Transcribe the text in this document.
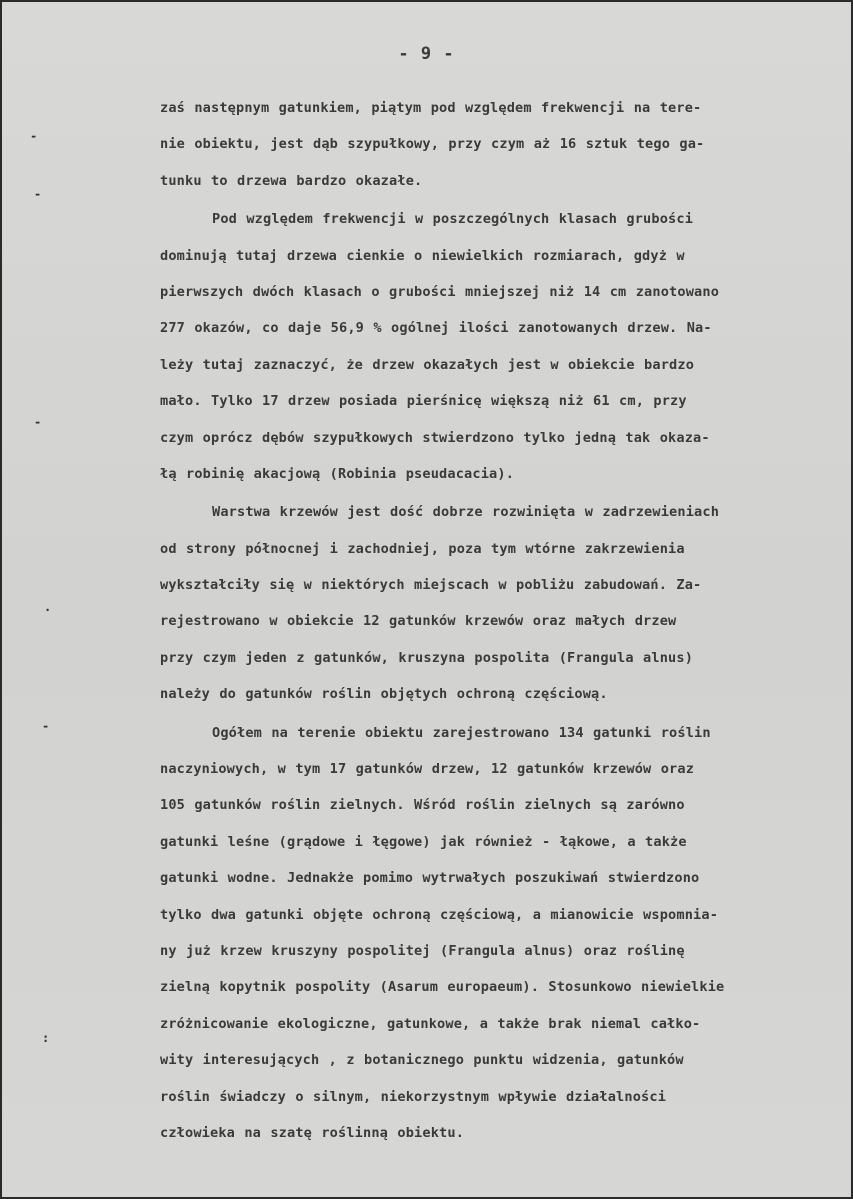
- 9 -
-
-
-
·
-
:
zaś następnym gatunkiem, piątym pod względem frekwencji na tere-
nie obiektu, jest dąb szypułkowy, przy czym aż 16 sztuk tego ga-
tunku to drzewa bardzo okazałe.
Pod względem frekwencji w poszczególnych klasach grubości
dominują tutaj drzewa cienkie o niewielkich rozmiarach, gdyż w
pierwszych dwóch klasach o grubości mniejszej niż 14 cm zanotowano
277 okazów, co daje 56,9 % ogólnej ilości zanotowanych drzew. Na-
leży tutaj zaznaczyć, że drzew okazałych jest w obiekcie bardzo
mało. Tylko 17 drzew posiada pierśnicę większą niż 61 cm, przy
czym oprócz dębów szypułkowych stwierdzono tylko jedną tak okaza-
łą robinię akacjową (Robinia pseudacacia).
Warstwa krzewów jest dość dobrze rozwinięta w zadrzewieniach
od strony północnej i zachodniej, poza tym wtórne zakrzewienia
wykształciły się w niektórych miejscach w pobliżu zabudowań. Za-
rejestrowano w obiekcie 12 gatunków krzewów oraz małych drzew
przy czym jeden z gatunków, kruszyna pospolita (Frangula alnus)
należy do gatunków roślin objętych ochroną częściową.
Ogółem na terenie obiektu zarejestrowano 134 gatunki roślin
naczyniowych, w tym 17 gatunków drzew, 12 gatunków krzewów oraz
105 gatunków roślin zielnych. Wśród roślin zielnych są zarówno
gatunki leśne (grądowe i łęgowe) jak również - łąkowe, a także
gatunki wodne. Jednakże pomimo wytrwałych poszukiwań stwierdzono
tylko dwa gatunki objęte ochroną częściową, a mianowicie wspomnia-
ny już krzew kruszyny pospolitej (Frangula alnus) oraz roślinę
zielną kopytnik pospolity (Asarum europaeum). Stosunkowo niewielkie
zróżnicowanie ekologiczne, gatunkowe, a także brak niemal całko-
wity interesujących , z botanicznego punktu widzenia, gatunków
roślin świadczy o silnym, niekorzystnym wpływie działalności
człowieka na szatę roślinną obiektu.
